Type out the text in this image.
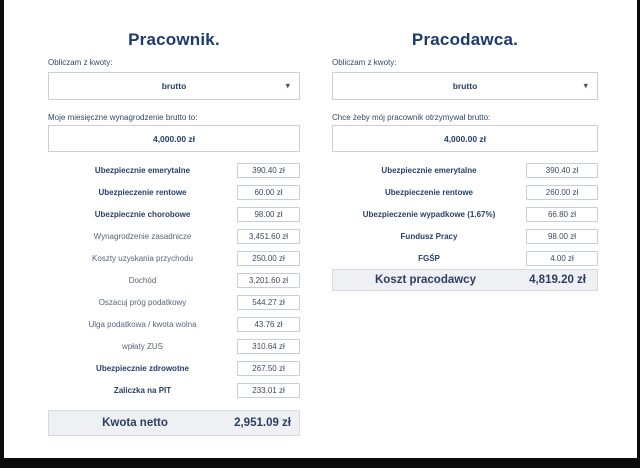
Pracownik.
Obliczam z kwoty:
brutto	▾
Moje miesięczne wynagrodzenie brutto to:
4,000.00 zł
Ubezpiecznie emerytalne	390.40 zł
Ubezpieczenie rentowe	60.00 zł
Ubezpiecznie chorobowe	98.00 zł
Wynagrodzenie zasadnicze	3,451.60 zł
Koszty uzyskania przychodu	250.00 zł
Dochód	3,201.60 zł
Oszacuj próg podatkowy	544.27 zł
Ulga podatkowa / kwota wolna	43.76 zł
wpłaty ZUS	310.64 zł
Ubezpiecznie zdrowotne	267.50 zł
Zaliczka na PIT	233.01 zł
Kwota netto	2,951.09 zł
Pracodawca.
Obliczam z kwoty:
brutto	▾
Chce żeby mój pracownik otrzymywał brutto:
4,000.00 zł
Ubezpiecznie emerytalne	390.40 zł
Ubezpieczenie rentowe	260.00 zł
Ubezpieczenie wypadkowe (1.67%)	66.80 zł
Fundusz Pracy	98.00 zł
FGŚP	4.00 zł
Koszt pracodawcy	4,819.20 zł
